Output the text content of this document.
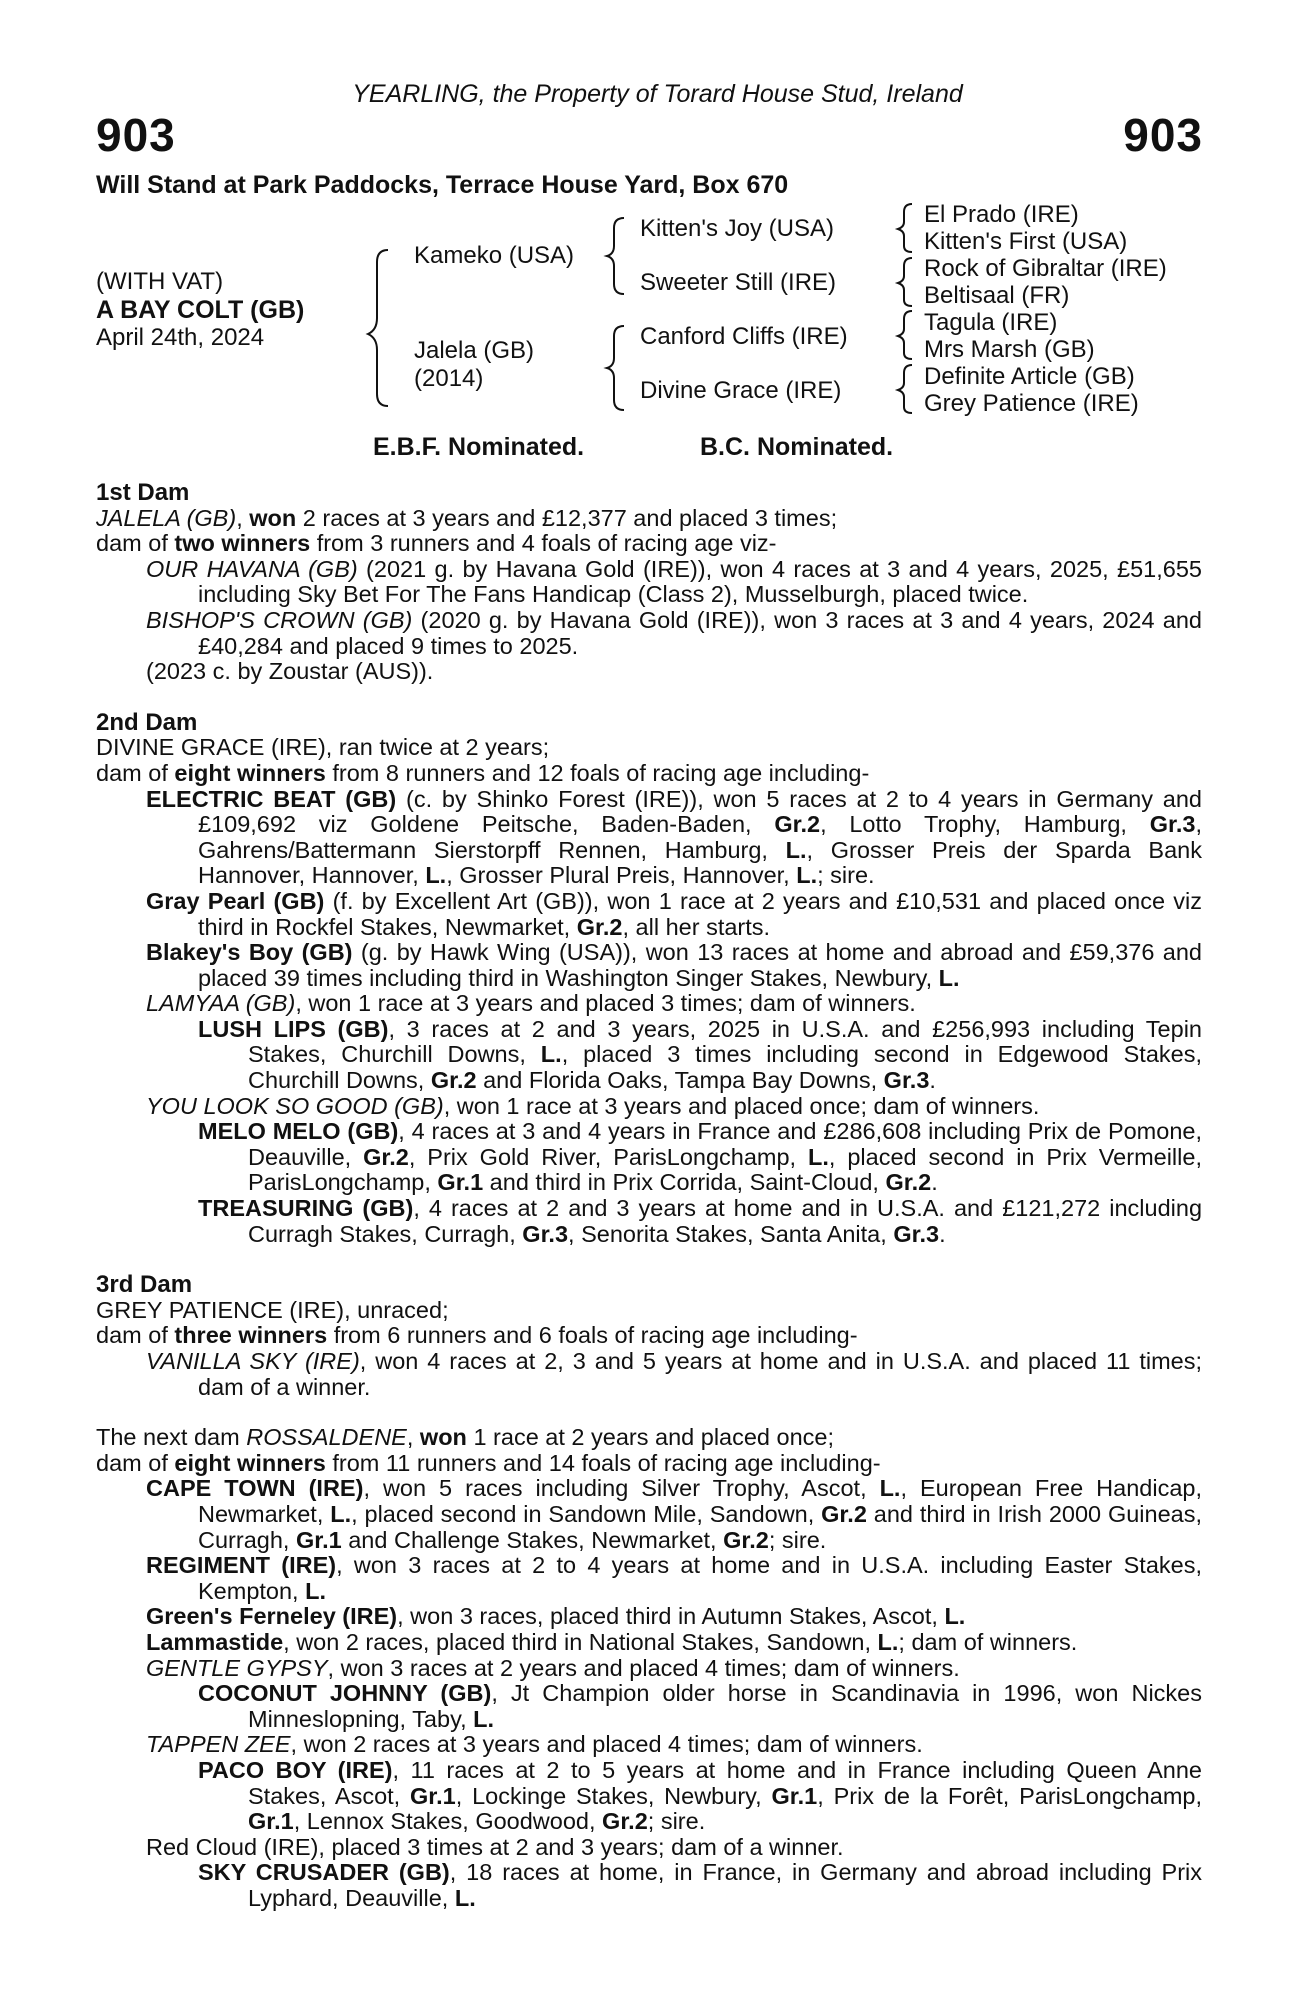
YEARLING, the Property of Torard House Stud, Ireland
903	903
Will Stand at Park Paddocks, Terrace House Yard, Box 670
(WITH VAT)
A BAY COLT (GB)
April 24th, 2024
Kameko (USA)
Jalela (GB)
(2014)
Kitten's Joy (USA)
Sweeter Still (IRE)
Canford Cliffs (IRE)
Divine Grace (IRE)
El Prado (IRE)
Kitten's First (USA)
Rock of Gibraltar (IRE)
Beltisaal (FR)
Tagula (IRE)
Mrs Marsh (GB)
Definite Article (GB)
Grey Patience (IRE)
E.B.F. Nominated.	B.C. Nominated.

1st Dam

JALELA (GB), won 2 races at 3 years and £12,377 and placed 3 times;

dam of two winners from 3 runners and 4 foals of racing age viz-

OUR HAVANA (GB) (2021 g. by Havana Gold (IRE)), won 4 races at 3 and 4 years, 2025, £51,655 including Sky Bet For The Fans Handicap (Class 2), Musselburgh, placed twice.

BISHOP'S CROWN (GB) (2020 g. by Havana Gold (IRE)), won 3 races at 3 and 4 years, 2024 and £40,284 and placed 9 times to 2025.

(2023 c. by Zoustar (AUS)).

2nd Dam

DIVINE GRACE (IRE), ran twice at 2 years;

dam of eight winners from 8 runners and 12 foals of racing age including-

ELECTRIC BEAT (GB) (c. by Shinko Forest (IRE)), won 5 races at 2 to 4 years in Germany and £109,692 viz Goldene Peitsche, Baden-Baden, Gr.2, Lotto Trophy, Hamburg, Gr.3, Gahrens/Battermann Sierstorpff Rennen, Hamburg, L., Grosser Preis der Sparda Bank Hannover, Hannover, L., Grosser Plural Preis, Hannover, L.; sire.

Gray Pearl (GB) (f. by Excellent Art (GB)), won 1 race at 2 years and £10,531 and placed once viz third in Rockfel Stakes, Newmarket, Gr.2, all her starts.

Blakey's Boy (GB) (g. by Hawk Wing (USA)), won 13 races at home and abroad and £59,376 and placed 39 times including third in Washington Singer Stakes, Newbury, L.

LAMYAA (GB), won 1 race at 3 years and placed 3 times; dam of winners.

LUSH LIPS (GB), 3 races at 2 and 3 years, 2025 in U.S.A. and £256,993 including Tepin Stakes, Churchill Downs, L., placed 3 times including second in Edgewood Stakes, Churchill Downs, Gr.2 and Florida Oaks, Tampa Bay Downs, Gr.3.

YOU LOOK SO GOOD (GB), won 1 race at 3 years and placed once; dam of winners.

MELO MELO (GB), 4 races at 3 and 4 years in France and £286,608 including Prix de Pomone, Deauville, Gr.2, Prix Gold River, ParisLongchamp, L., placed second in Prix Vermeille, ParisLongchamp, Gr.1 and third in Prix Corrida, Saint-Cloud, Gr.2.

TREASURING (GB), 4 races at 2 and 3 years at home and in U.S.A. and £121,272 including Curragh Stakes, Curragh, Gr.3, Senorita Stakes, Santa Anita, Gr.3.

3rd Dam

GREY PATIENCE (IRE), unraced;

dam of three winners from 6 runners and 6 foals of racing age including-

VANILLA SKY (IRE), won 4 races at 2, 3 and 5 years at home and in U.S.A. and placed 11 times; dam of a winner.

The next dam ROSSALDENE, won 1 race at 2 years and placed once;

dam of eight winners from 11 runners and 14 foals of racing age including-

CAPE TOWN (IRE), won 5 races including Silver Trophy, Ascot, L., European Free Handicap, Newmarket, L., placed second in Sandown Mile, Sandown, Gr.2 and third in Irish 2000 Guineas, Curragh, Gr.1 and Challenge Stakes, Newmarket, Gr.2; sire.

REGIMENT (IRE), won 3 races at 2 to 4 years at home and in U.S.A. including Easter Stakes, Kempton, L.

Green's Ferneley (IRE), won 3 races, placed third in Autumn Stakes, Ascot, L.

Lammastide, won 2 races, placed third in National Stakes, Sandown, L.; dam of winners.

GENTLE GYPSY, won 3 races at 2 years and placed 4 times; dam of winners.

COCONUT JOHNNY (GB), Jt Champion older horse in Scandinavia in 1996, won Nickes Minneslopning, Taby, L.

TAPPEN ZEE, won 2 races at 3 years and placed 4 times; dam of winners.

PACO BOY (IRE), 11 races at 2 to 5 years at home and in France including Queen Anne Stakes, Ascot, Gr.1, Lockinge Stakes, Newbury, Gr.1, Prix de la Forêt, ParisLongchamp, Gr.1, Lennox Stakes, Goodwood, Gr.2; sire.

Red Cloud (IRE), placed 3 times at 2 and 3 years; dam of a winner.

SKY CRUSADER (GB), 18 races at home, in France, in Germany and abroad including Prix Lyphard, Deauville, L.
